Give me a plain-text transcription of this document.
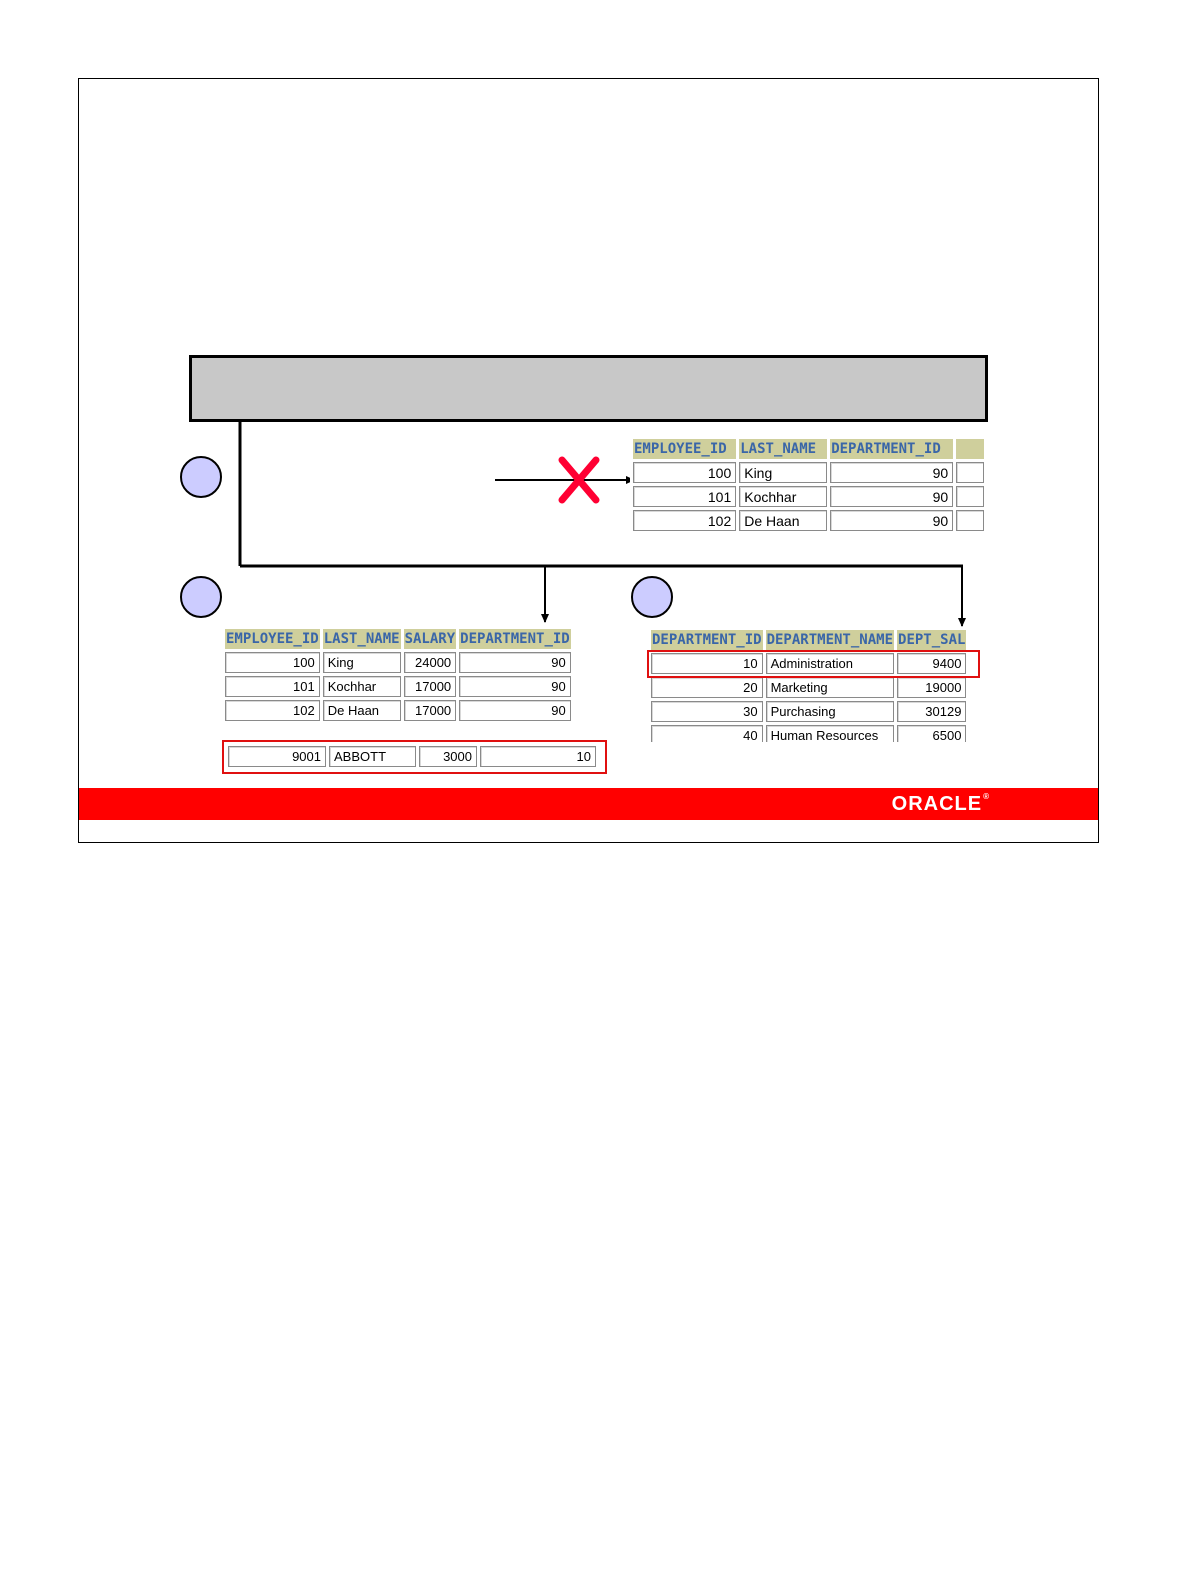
EMPLOYEE_ID	LAST_NAME	DEPARTMENT_ID	
100	King	90	
101	Kochhar	90	
102	De Haan	90	
EMPLOYEE_ID	LAST_NAME	SALARY	DEPARTMENT_ID
100	King	24000	90
101	Kochhar	17000	90
102	De Haan	17000	90
9001	ABBOTT	3000	10
DEPARTMENT_ID	DEPARTMENT_NAME	DEPT_SAL
10	Administration	9400
20	Marketing	19000
30	Purchasing	30129
40	Human Resources	6500
ORACLE®
